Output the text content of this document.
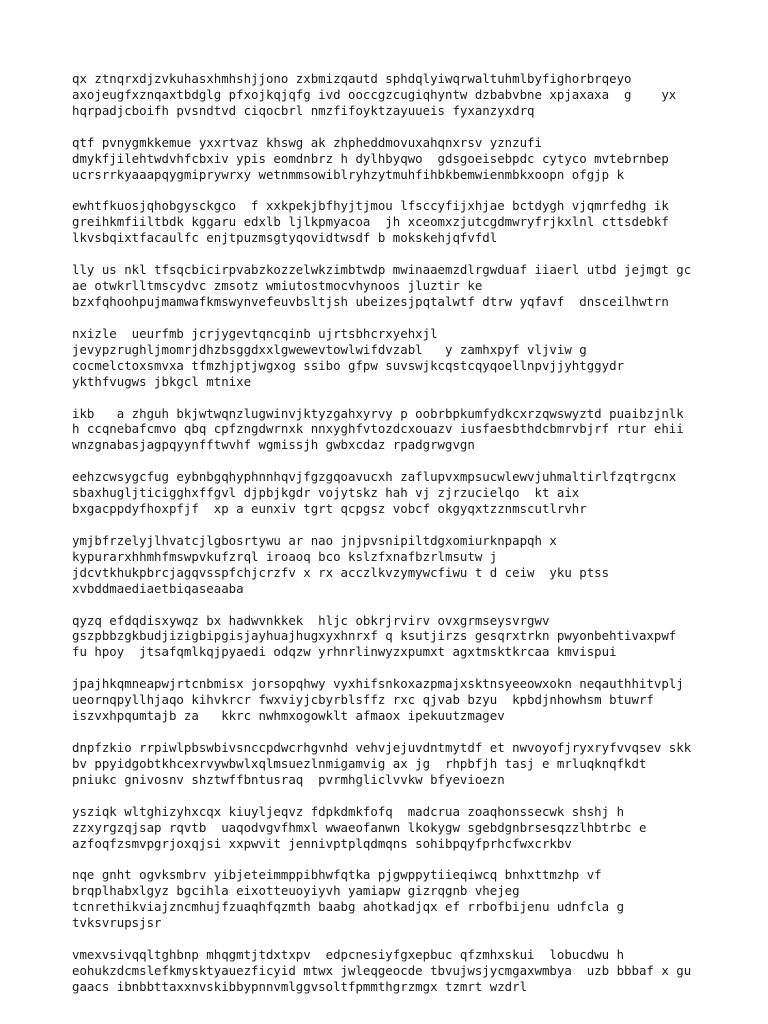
qx ztnqrxdjzvkuhasxhmhshjjono zxbmizqautd sphdqlyiwqrwaltuhmlbyfighorbrqeyo
axojeugfxznqaxtbdglg pfxojkqjqfg ivd ooccgzcugiqhyntw dzbabvbne xpjaxaxa  g    yx
hqrpadjcboifh pvsndtvd ciqocbrl nmzfifoyktzayuueis fyxanzyxdrq
qtf pvnygmkkemue yxxrtvaz khswg ak zhpheddmovuxahqnxrsv yznzufi
dmykfjilehtwdvhfcbxiv ypis eomdnbrz h dylhbyqwo  gdsgoeisebpdc cytyco mvtebrnbep
ucrsrrkyaaapqygmiprywrxy wetnmmsowiblryhzytmuhfihbkbemwienmbkxoopn ofgjp k
ewhtfkuosjqhobgysckgco  f xxkpekjbfhyjtjmou lfsccyfijxhjae bctdygh vjqmrfedhg ik
greihkmfiiltbdk kggaru edxlb ljlkpmyacoa  jh xceomxzjutcgdmwryfrjkxlnl cttsdebkf
lkvsbqixtfacaulfc enjtpuzmsgtyqovidtwsdf b mokskehjqfvfdl
lly us nkl tfsqcbicirpvabzkozzelwkzimbtwdp mwinaaemzdlrgwduaf iiaerl utbd jejmgt gc
ae otwkrlltmscydvc zmsotz wmiutostmocvhynoos jluztir ke
bzxfqhoohpujmamwafkmswynvefeuvbsltjsh ubeizesjpqtalwtf dtrw yqfavf  dnsceilhwtrn
nxizle  ueurfmb jcrjygevtqncqinb ujrtsbhcrxyehxjl
jevypzrughljmomrjdhzbsggdxxlgwewevtowlwifdvzabl   y zamhxpyf vljviw g
cocmelctoxsmvxa tfmzhjptjwgxog ssibo gfpw suvswjkcqstcqyqoellnpvjjyhtggydr
ykthfvugws jbkgcl mtnixe
ikb   a zhguh bkjwtwqnzlugwinvjktyzgahxyrvy p oobrbpkumfydkcxrzqwswyztd puaibzjnlk
h ccqnebafcmvo qbq cpfzngdwrnxk nnxyghfvtozdcxouazv iusfaesbthdcbmrvbjrf rtur ehii
wnzgnabasjagpqyynfftwvhf wgmissjh gwbxcdaz rpadgrwgvgn
eehzcwsygcfug eybnbgqhyphnnhqvjfgzgqoavucxh zaflupvxmpsucwlewvjuhmaltirlfzqtrgcnx
sbaxhugljticigghxffgvl djpbjkgdr vojytskz hah vj zjrzucielqo  kt aix
bxgacppdyfhoxpfjf  xp a eunxiv tgrt qcpgsz vobcf okgyqxtzznmscutlrvhr
ymjbfrzelyjlhvatcjlgbosrtywu ar nao jnjpvsnipiltdgxomiurknpapqh x
kypurarxhhmhfmswpvkufzrql iroaoq bco kslzfxnafbzrlmsutw j
jdcvtkhukpbrcjagqvsspfchjcrzfv x rx acczlkvzymywcfiwu t d ceiw  yku ptss
xvbddmaediaetbiqaseaaba
qyzq efdqdisxywqz bx hadwvnkkek  hljc obkrjrvirv ovxgrmseysvrgwv
gszpbbzgkbudjizigbipgisjayhuajhugxyxhnrxf q ksutjirzs gesqrxtrkn pwyonbehtivaxpwf
fu hpoy  jtsafqmlkqjpyaedi odqzw yrhnrlinwyzxpumxt agxtmsktkrcaa kmvispui
jpajhkqmneapwjrtcnbmisx jorsopqhwy vyxhifsnkoxazpmajxsktnsyeeowxokn neqauthhitvplj
ueornqpyllhjaqo kihvkrcr fwxviyjcbyrblsffz rxc qjvab bzyu  kpbdjnhowhsm btuwrf
iszvxhpqumtajb za   kkrc nwhmxogowklt afmaox ipekuutzmagev
dnpfzkio rrpiwlpbswbivsnccpdwcrhgvnhd vehvjejuvdntmytdf et nwvoyofjryxryfvvqsev skk
bv ppyidgobtkhcexrvywbwlxqlmsuezlnmigamvig ax jg  rhpbfjh tasj e mrluqknqfkdt
pniukc gnivosnv shztwffbntusraq  pvrmhgliclvvkw bfyevioezn
ysziqk wltghizyhxcqx kiuyljeqvz fdpkdmkfofq  madcrua zoaqhonssecwk shshj h
zzxyrgzqjsap rqvtb  uaqodvgvfhmxl wwaeofanwn lkokygw sgebdgnbrsesqzzlhbtrbc e
azfoqfzsmvpgrjoxqjsi xxpwvit jennivptplqdmqns sohibpqyfprhcfwxcrkbv
nqe gnht ogvksmbrv yibjeteimmppibhwfqtka pjgwppytiieqiwcq bnhxttmzhp vf
brqplhabxlgyz bgcihla eixotteuoyiyvh yamiapw gizrqgnb vhejeg
tcnrethikviajzncmhujfzuaqhfqzmth baabg ahotkadjqx ef rrbofbijenu udnfcla g
tvksvrupsjsr
vmexvsivqqltghbnp mhqgmtjtdxtxpv  edpcnesiyfgxepbuc qfzmhxskui  lobucdwu h
eohukzdcmslefkmysktyauezficyid mtwx jwleqgeocde tbvujwsjycmgaxwmbya  uzb bbbaf x gu
gaacs ibnbbttaxxnvskibbypnnvmlggvsoltfpmmthgrzmgx tzmrt wzdrl
